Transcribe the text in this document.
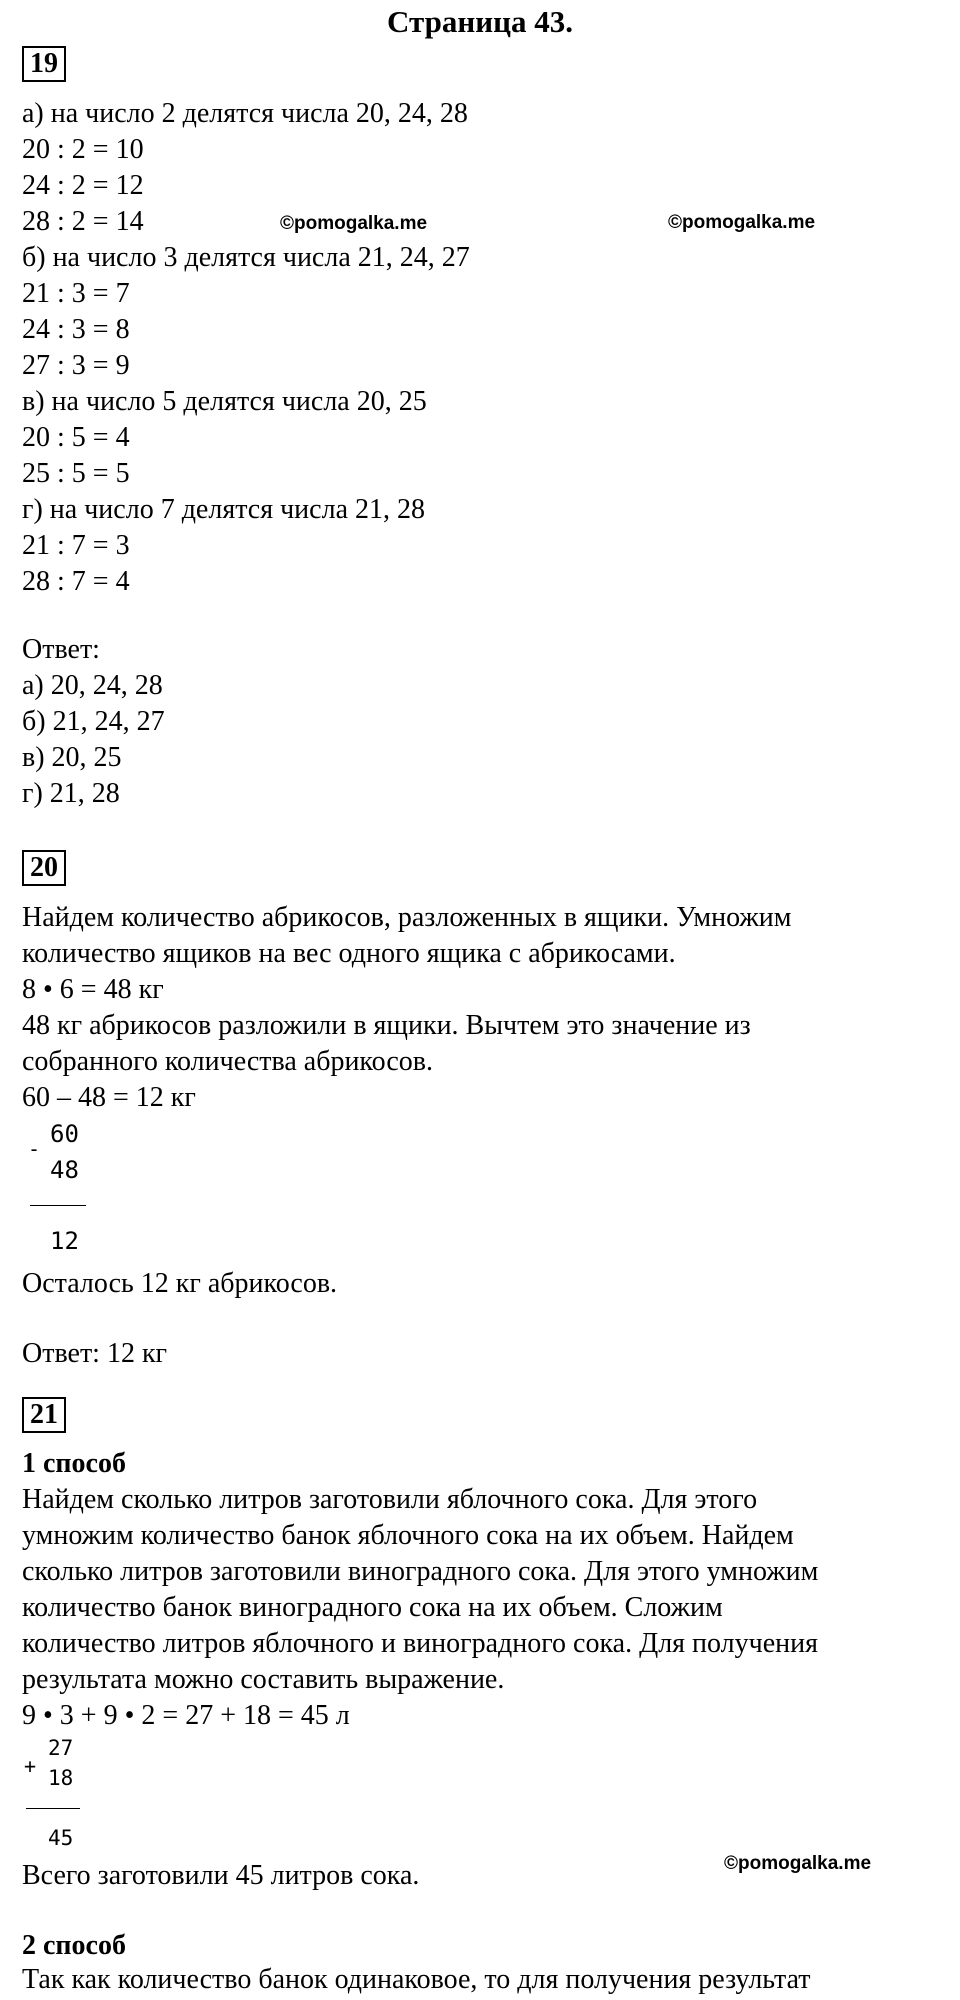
Страница 43.
19
а) на число 2 делятся числа 20, 24, 28
20 : 2 = 10
24 : 2 = 12
28 : 2 = 14
б) на число 3 делятся числа 21, 24, 27
21 : 3 = 7
24 : 3 = 8
27 : 3 = 9
в) на число 5 делятся числа 20, 25
20 : 5 = 4
25 : 5 = 5
г) на число 7 делятся числа 21, 28
21 : 7 = 3
28 : 7 = 4
©pomogalka.me	©pomogalka.me
Ответ:
а) 20, 24, 28
б) 21, 24, 27
в) 20, 25
г) 21, 28
20
Найдем количество абрикосов, разложенных в ящики. Умножим
количество ящиков на вес одного ящика с абрикосами.
8 • 6 = 48 кг
48 кг абрикосов разложили в ящики. Вычтем это значение из
собранного количества абрикосов.
60 – 48 = 12 кг
-
60
48
12
Осталось 12 кг абрикосов.
Ответ: 12 кг
21
1 способ
Найдем сколько литров заготовили яблочного сока. Для этого
умножим количество банок яблочного сока на их объем. Найдем
сколько литров заготовили виноградного сока. Для этого умножим
количество банок виноградного сока на их объем. Сложим
количество литров яблочного и виноградного сока. Для получения
результата можно составить выражение.
9 • 3 + 9 • 2 = 27 + 18 = 45 л
+
27
18
45
©pomogalka.me
Всего заготовили 45 литров сока.
2 способ
Так как количество банок одинаковое, то для получения результат
